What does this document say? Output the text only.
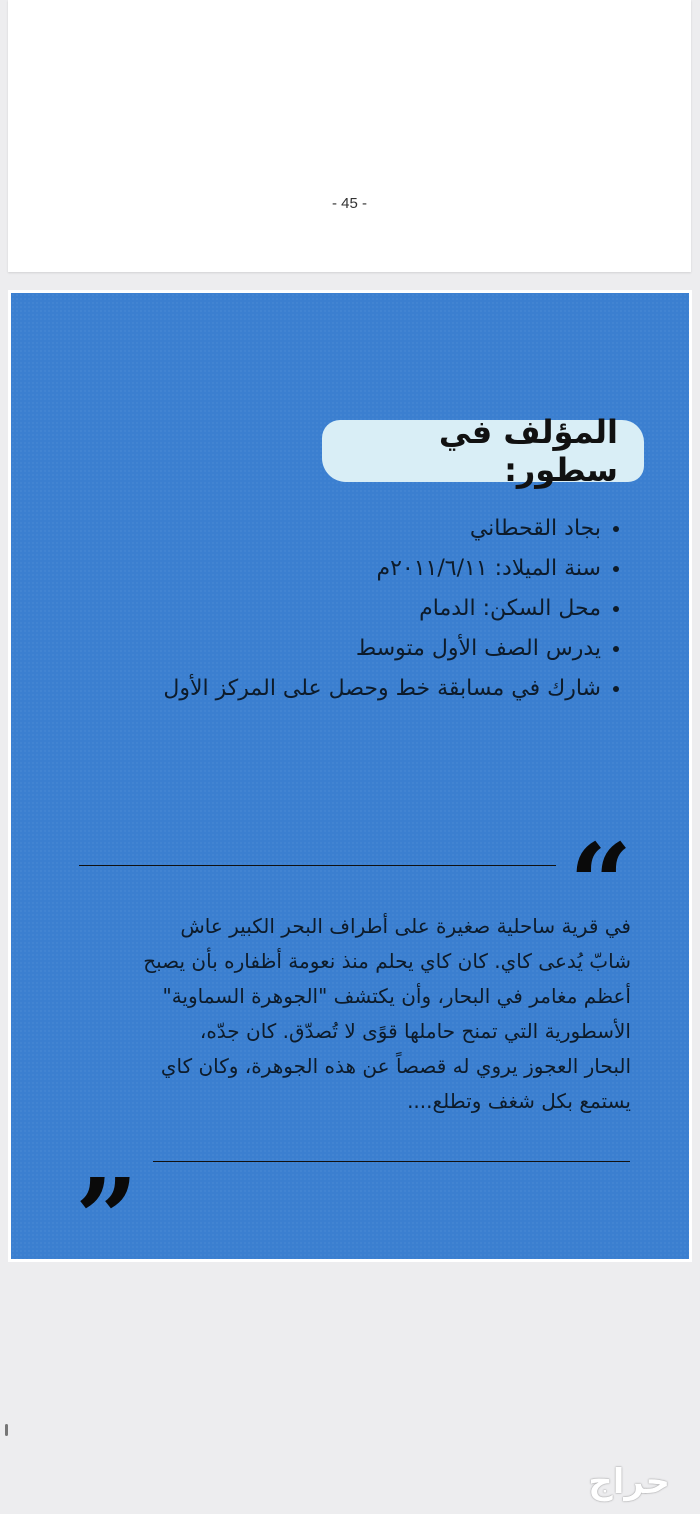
- 45 -
المؤلف في سطور:
بجاد القحطاني
سنة الميلاد: ٢٠١١/٦/١١م
محل السكن: الدمام
يدرس الصف الأول متوسط
شارك في مسابقة خط وحصل على المركز الأول
“

في قرية ساحلية صغيرة على أطراف البحر الكبير عاش
شابّ يُدعى كاي. كان كاي يحلم منذ نعومة أظفاره بأن يصبح
أعظم مغامر في البحار، وأن يكتشف "الجوهرة السماوية"
الأسطورية التي تمنح حاملها قوًى لا تُصدّق. كان جدّه،
البحار العجوز يروي له قصصاً عن هذه الجوهرة، وكان كاي
يستمع بكل شغف وتطلع....

„
حراج
